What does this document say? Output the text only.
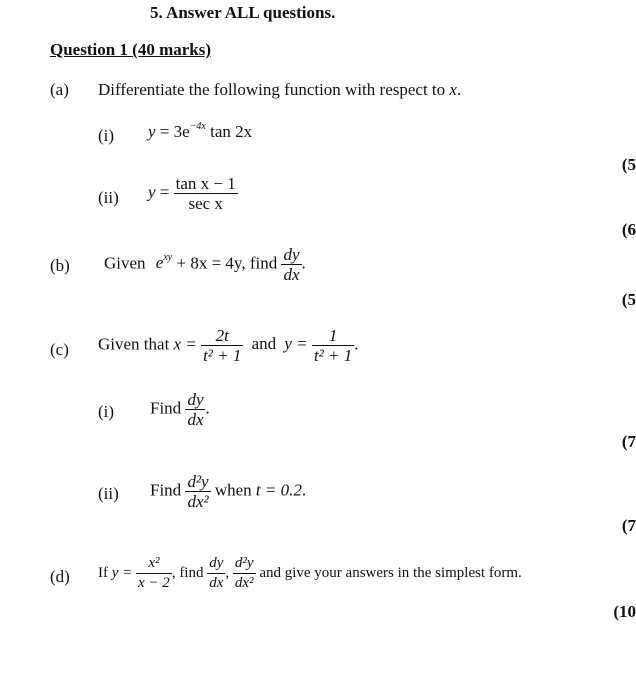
5. Answer ALL questions.
Question 1 (40 marks)
(a) Differentiate the following function with respect to x.
(i) $y = 3e^{-4x}$ tan 2x
(5
(ii) $y = \frac{\text{tan x − 1}}{\text{sec x}}$
(6
(b) Given $e^{xy} + 8x = 4y$, find $\frac{dy}{dx}$ .
(5
(c) Given that $x = \frac{2t}{\text{t² + 1}}$ and $y = \frac{1}{\text{t² + 1}}$ .
(i) Find $\frac{dy}{dx}$ .
(7
(ii) Find $\frac{\text{d²y}}{\text{dx²}}$ when t = 0.2.
(7
(d) If $y = \frac{\text{x²}}{x - 2}$ , find $\frac{dy}{dx}$ , $\frac{\text{d²y}}{\text{dx²}}$ and give your answers in the simplest form.
(10
